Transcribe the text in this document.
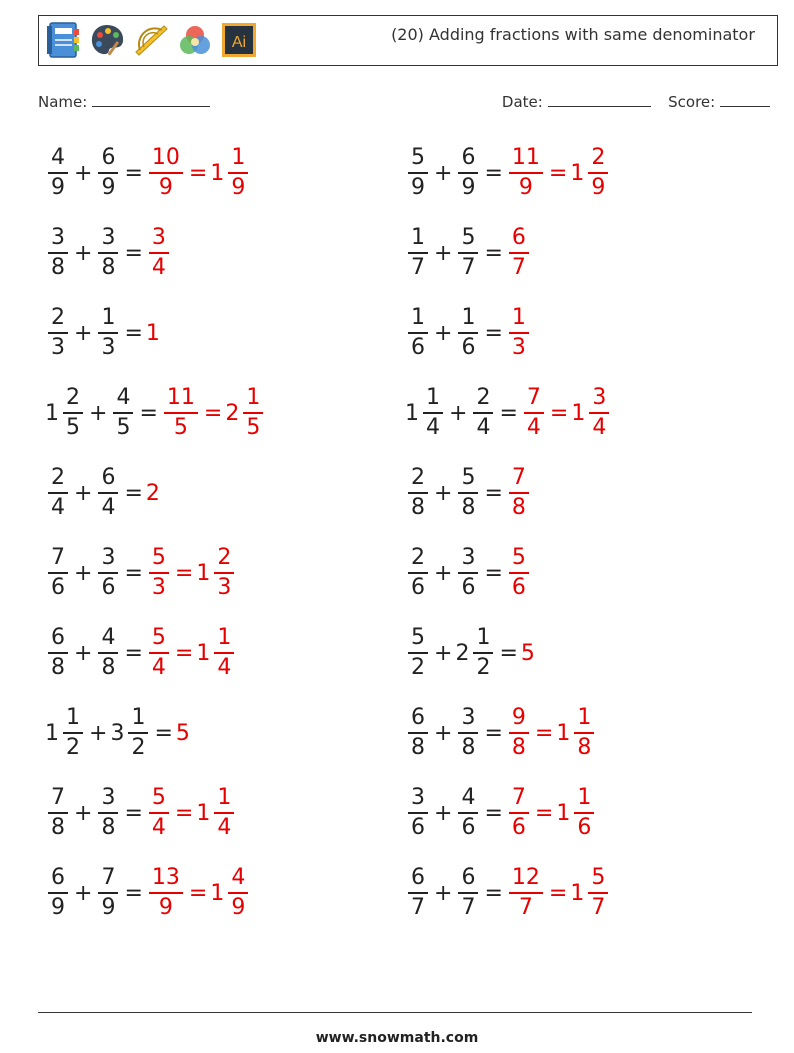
Ai	(20) Adding fractions with same denominator
Name:	Date:	Score:
$\frac{4}{9} + \frac{6}{9} = \frac{10}{9} = 1 \frac{1}{9}$	$\frac{5}{9} + \frac{6}{9} = \frac{11}{9} = 1 \frac{2}{9}$
$\frac{3}{8} + \frac{3}{8} = \frac{3}{4}$	$\frac{1}{7} + \frac{5}{7} = \frac{6}{7}$
$\frac{2}{3} + \frac{1}{3} = 1$	$\frac{1}{6} + \frac{1}{6} = \frac{1}{3}$
$1 \frac{2}{5} + \frac{4}{5} = \frac{11}{5} = 2 \frac{1}{5}$	$1 \frac{1}{4} + \frac{2}{4} = \frac{7}{4} = 1 \frac{3}{4}$
$\frac{2}{4} + \frac{6}{4} = 2$	$\frac{2}{8} + \frac{5}{8} = \frac{7}{8}$
$\frac{7}{6} + \frac{3}{6} = \frac{5}{3} = 1 \frac{2}{3}$	$\frac{2}{6} + \frac{3}{6} = \frac{5}{6}$
$\frac{6}{8} + \frac{4}{8} = \frac{5}{4} = 1 \frac{1}{4}$	$\frac{5}{2} + 2 \frac{1}{2} = 5$
$1 \frac{1}{2} + 3 \frac{1}{2} = 5$	$\frac{6}{8} + \frac{3}{8} = \frac{9}{8} = 1 \frac{1}{8}$
$\frac{7}{8} + \frac{3}{8} = \frac{5}{4} = 1 \frac{1}{4}$	$\frac{3}{6} + \frac{4}{6} = \frac{7}{6} = 1 \frac{1}{6}$
$\frac{6}{9} + \frac{7}{9} = \frac{13}{9} = 1 \frac{4}{9}$	$\frac{6}{7} + \frac{6}{7} = \frac{12}{7} = 1 \frac{5}{7}$
www.snowmath.com
